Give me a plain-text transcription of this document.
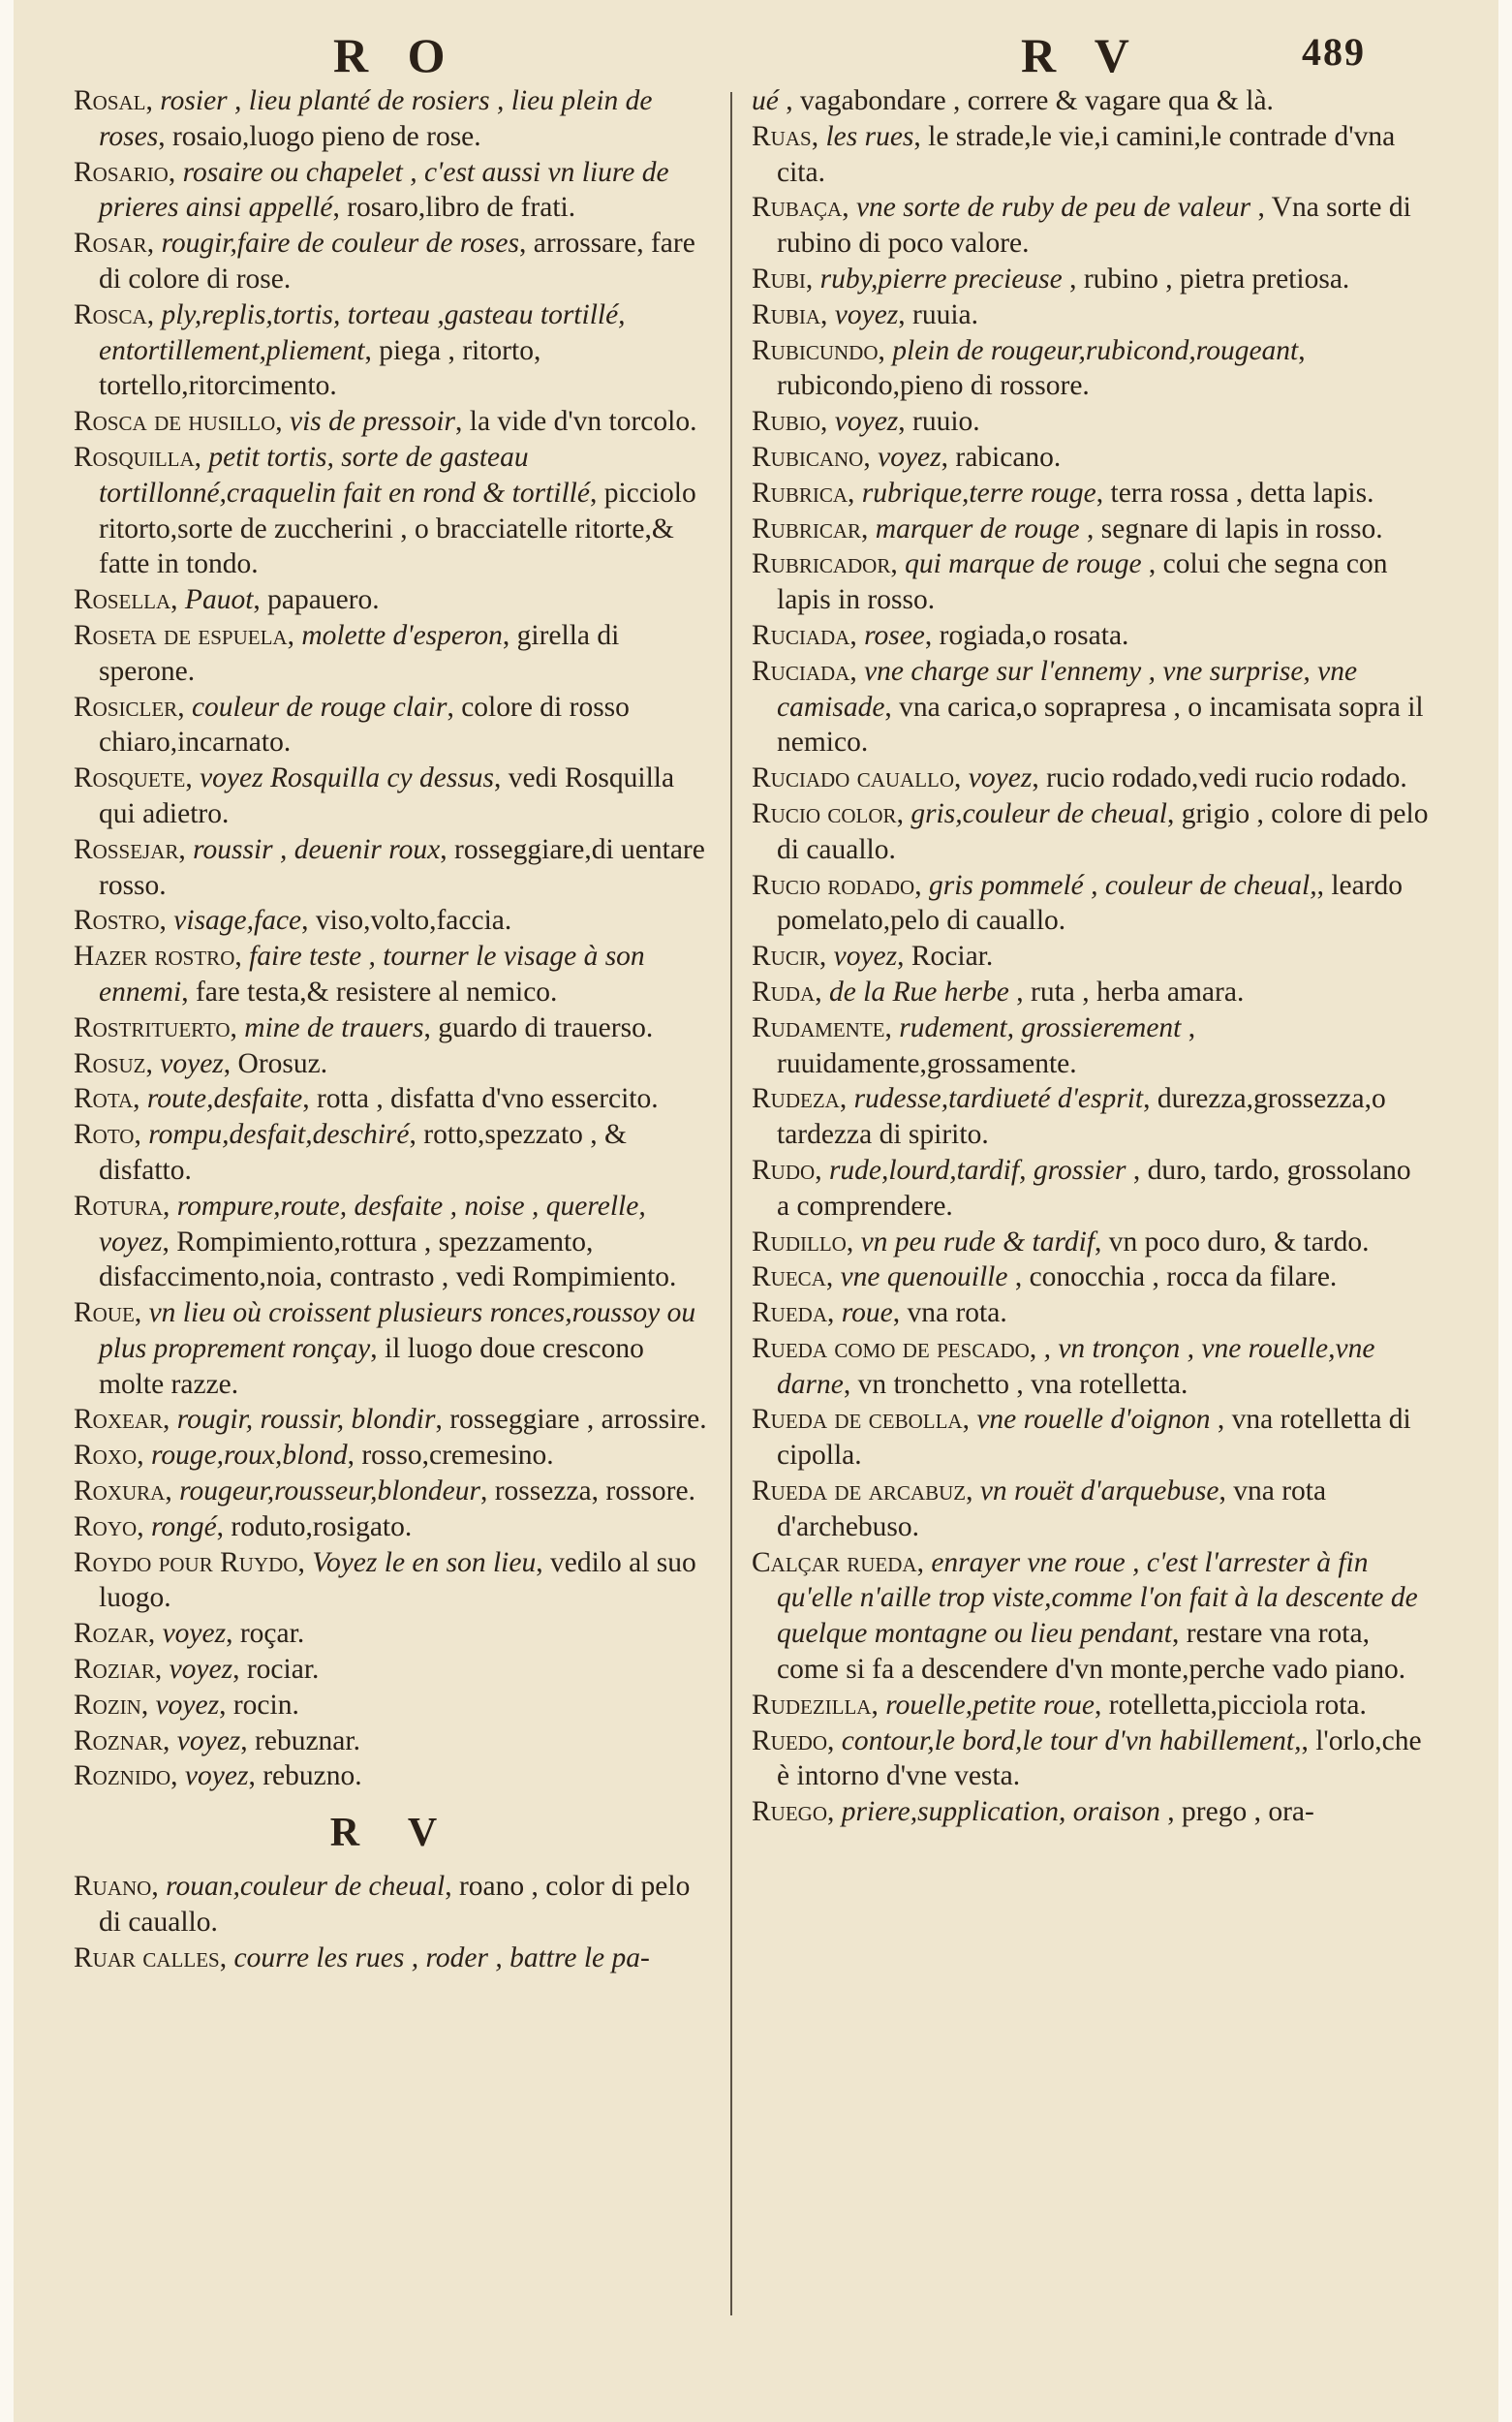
R O	R V	489

Rosal, rosier , lieu planté de rosiers , lieu plein de roses, rosaio,luogo pieno de rose.

Rosario, rosaire ou chapelet , c'est aussi vn liure de prieres ainsi appellé, rosaro,libro de frati.

Rosar, rougir,faire de couleur de roses, arrossare, fare di colore di rose.

Rosca, ply,replis,tortis, torteau ,gasteau tortillé, entortillement,pliement, piega , ritorto, tortello,ritorcimento.

Rosca de husillo, vis de pressoir, la vide d'vn torcolo.

Rosquilla, petit tortis, sorte de gasteau tortillonné,craquelin fait en rond & tortillé, picciolo ritorto,sorte de zuccherini , o bracciatelle ritorte,& fatte in tondo.

Rosella, Pauot, papauero.

Roseta de espuela, molette d'esperon, girella di sperone.

Rosicler, couleur de rouge clair, colore di rosso chiaro,incarnato.

Rosquete, voyez Rosquilla cy dessus, vedi Rosquilla qui adietro.

Rossejar, roussir , deuenir roux, rosseggiare,di uentare rosso.

Rostro, visage,face, viso,volto,faccia.

Hazer rostro, faire teste , tourner le visage à son ennemi, fare testa,& resistere al nemico.

Rostrituerto, mine de trauers, guardo di trauerso.

Rosuz, voyez, Orosuz.

Rota, route,desfaite, rotta , disfatta d'vno essercito.

Roto, rompu,desfait,deschiré, rotto,spezzato , & disfatto.

Rotura, rompure,route, desfaite , noise , querelle, voyez, Rompimiento,rottura , spezzamento, disfaccimento,noia, contrasto , vedi Rompimiento.

Roue, vn lieu où croissent plusieurs ronces,roussoy ou plus proprement ronçay, il luogo doue crescono molte razze.

Roxear, rougir, roussir, blondir, rosseggiare , arrossire.

Roxo, rouge,roux,blond, rosso,cremesino.

Roxura, rougeur,rousseur,blondeur, rossezza, rossore.

Royo, rongé, roduto,rosigato.

Roydo pour Ruydo, Voyez le en son lieu, vedilo al suo luogo.

Rozar, voyez, roçar.

Roziar, voyez, rociar.

Rozin, voyez, rocin.

Roznar, voyez, rebuznar.

Roznido, voyez, rebuzno.

R V

Ruano, rouan,couleur de cheual, roano , color di pelo di cauallo.

Ruar calles, courre les rues , roder , battre le pa-

ué , vagabondare , correre & vagare qua & là.

Ruas, les rues, le strade,le vie,i camini,le contrade d'vna cita.

Rubaça, vne sorte de ruby de peu de valeur , Vna sorte di rubino di poco valore.

Rubi, ruby,pierre precieuse , rubino , pietra pretiosa.

Rubia, voyez, ruuia.

Rubicundo, plein de rougeur,rubicond,rougeant, rubicondo,pieno di rossore.

Rubio, voyez, ruuio.

Rubicano, voyez, rabicano.

Rubrica, rubrique,terre rouge, terra rossa , detta lapis.

Rubricar, marquer de rouge , segnare di lapis in rosso.

Rubricador, qui marque de rouge , colui che segna con lapis in rosso.

Ruciada, rosee, rogiada,o rosata.

Ruciada, vne charge sur l'ennemy , vne surprise, vne camisade, vna carica,o soprapresa , o incamisata sopra il nemico.

Ruciado cauallo, voyez, rucio rodado,vedi rucio rodado.

Rucio color, gris,couleur de cheual, grigio , colore di pelo di cauallo.

Rucio rodado, gris pommelé , couleur de cheual,, leardo pomelato,pelo di cauallo.

Rucir, voyez, Rociar.

Ruda, de la Rue herbe , ruta , herba amara.

Rudamente, rudement, grossierement , ruuidamente,grossamente.

Rudeza, rudesse,tardiueté d'esprit, durezza,grossezza,o tardezza di spirito.

Rudo, rude,lourd,tardif, grossier , duro, tardo, grossolano a comprendere.

Rudillo, vn peu rude & tardif, vn poco duro, & tardo.

Rueca, vne quenouille , conocchia , rocca da filare.

Rueda, roue, vna rota.

Rueda como de pescado, , vn tronçon , vne rouelle,vne darne, vn tronchetto , vna rotelletta.

Rueda de cebolla, vne rouelle d'oignon , vna rotelletta di cipolla.

Rueda de arcabuz, vn rouët d'arquebuse, vna rota d'archebuso.

Calçar rueda, enrayer vne roue , c'est l'arrester à fin qu'elle n'aille trop viste,comme l'on fait à la descente de quelque montagne ou lieu pendant, restare vna rota, come si fa a descendere d'vn monte,perche vado piano.

Rudezilla, rouelle,petite roue, rotelletta,picciola rota.

Ruedo, contour,le bord,le tour d'vn habillement,, l'orlo,che è intorno d'vne vesta.

Ruego, priere,supplication, oraison , prego , ora-
